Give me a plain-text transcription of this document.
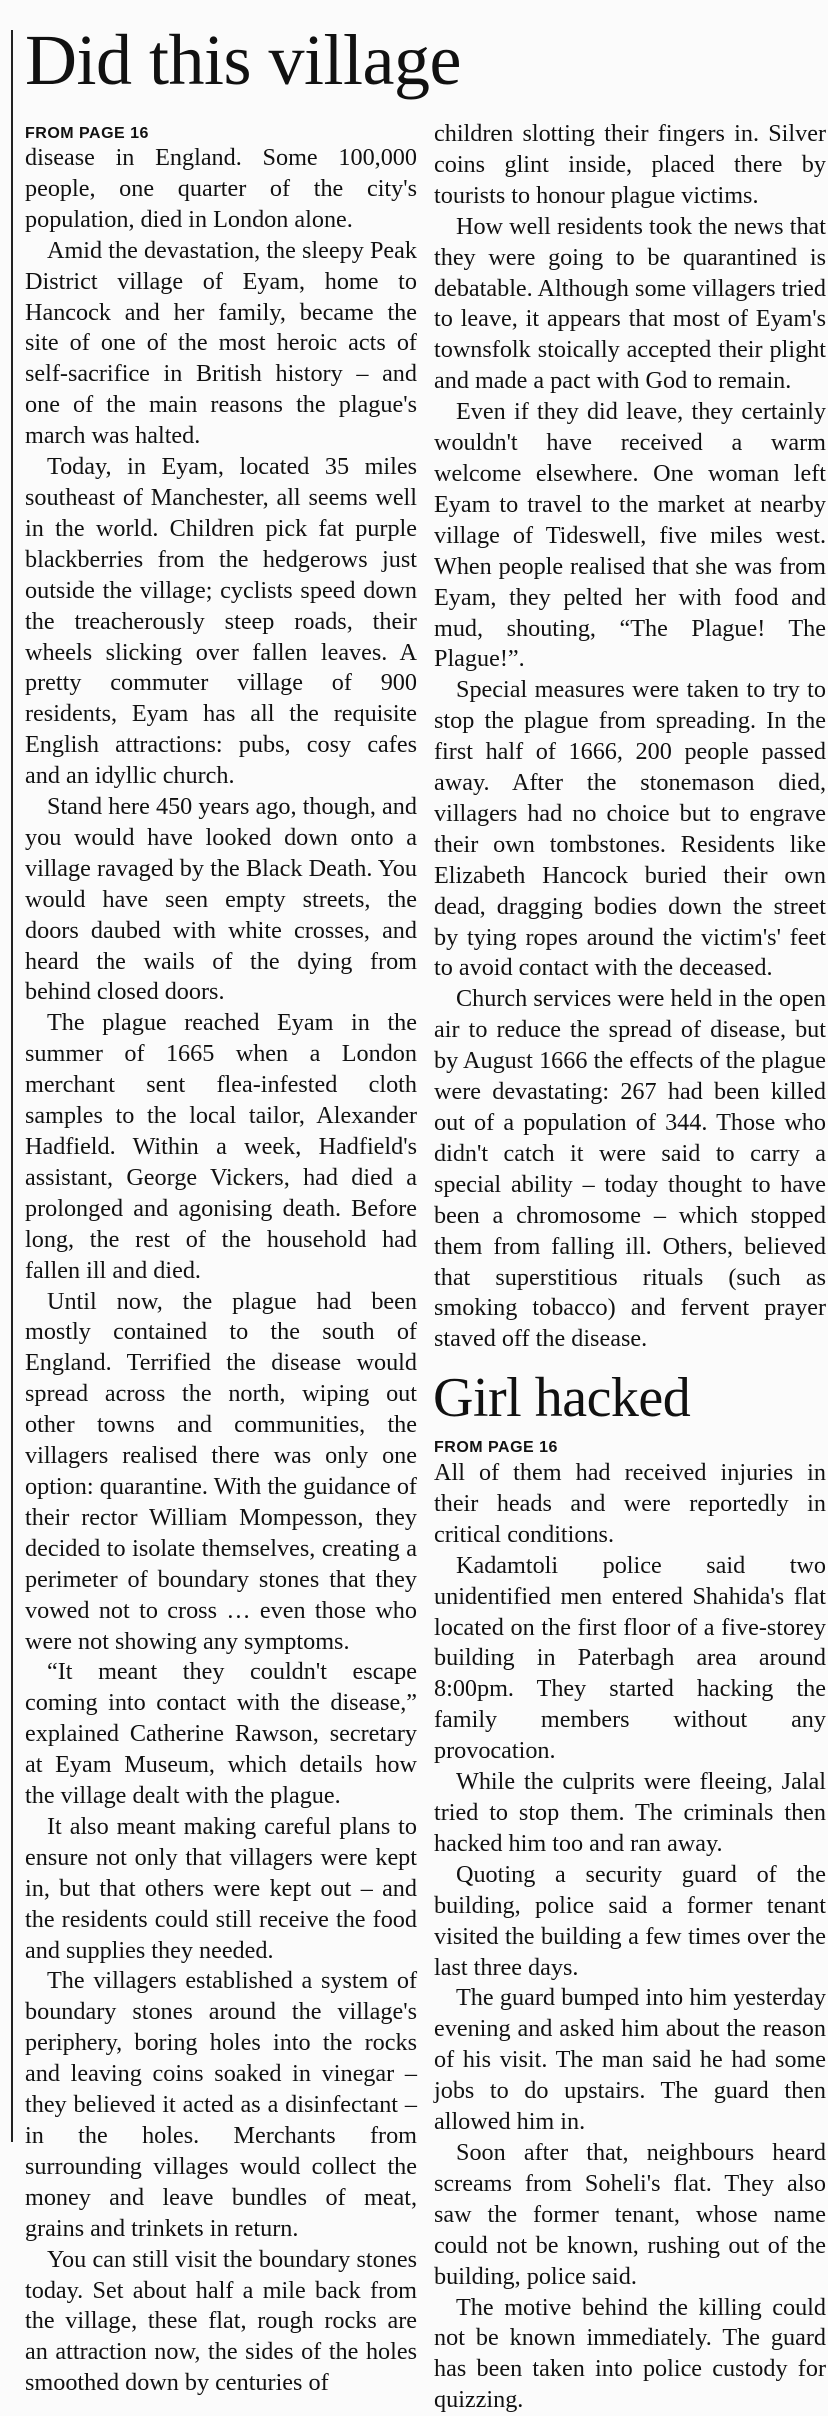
Did this village

FROM PAGE 16

disease in England. Some 100,000 people, one quarter of the city's population, died in London alone.

Amid the devastation, the sleepy Peak District village of Eyam, home to Hancock and her family, became the site of one of the most heroic acts of self-sacrifice in British history – and one of the main reasons the plague's march was halted.

Today, in Eyam, located 35 miles southeast of Manchester, all seems well in the world. Children pick fat purple blackberries from the hedgerows just outside the village; cyclists speed down the treacherously steep roads, their wheels slicking over fallen leaves. A pretty commuter village of 900 residents, Eyam has all the requisite English attractions: pubs, cosy cafes and an idyllic church.

Stand here 450 years ago, though, and you would have looked down onto a village ravaged by the Black Death. You would have seen empty streets, the doors daubed with white crosses, and heard the wails of the dying from behind closed doors.

The plague reached Eyam in the summer of 1665 when a London merchant sent flea-infested cloth samples to the local tailor, Alexander Hadfield. Within a week, Hadfield's assistant, George Vickers, had died a prolonged and agonising death. Before long, the rest of the household had fallen ill and died.

Until now, the plague had been mostly contained to the south of England. Terrified the disease would spread across the north, wiping out other towns and communities, the villagers realised there was only one option: quarantine. With the guidance of their rector William Mompesson, they decided to isolate themselves, creating a perimeter of boundary stones that they vowed not to cross … even those who were not showing any symptoms.

“It meant they couldn't escape coming into contact with the disease,” explained Catherine Rawson, secretary at Eyam Museum, which details how the village dealt with the plague.

It also meant making careful plans to ensure not only that villagers were kept in, but that others were kept out – and the residents could still receive the food and supplies they needed.

The villagers established a system of boundary stones around the village's periphery, boring holes into the rocks and leaving coins soaked in vinegar – they believed it acted as a disinfectant – in the holes. Merchants from surrounding villages would collect the money and leave bundles of meat, grains and trinkets in return.

You can still visit the boundary stones today. Set about half a mile back from the village, these flat, rough rocks are an attraction now, the sides of the holes smoothed down by centuries of

children slotting their fingers in. Silver coins glint inside, placed there by tourists to honour plague victims.

How well residents took the news that they were going to be quarantined is debatable. Although some villagers tried to leave, it appears that most of Eyam's townsfolk stoically accepted their plight and made a pact with God to remain.

Even if they did leave, they certainly wouldn't have received a warm welcome elsewhere. One woman left Eyam to travel to the market at nearby village of Tideswell, five miles west. When people realised that she was from Eyam, they pelted her with food and mud, shouting, “The Plague! The Plague!”.

Special measures were taken to try to stop the plague from spreading. In the first half of 1666, 200 people passed away. After the stonemason died, villagers had no choice but to engrave their own tombstones. Residents like Elizabeth Hancock buried their own dead, dragging bodies down the street by tying ropes around the victim's' feet to avoid contact with the deceased.

Church services were held in the open air to reduce the spread of disease, but by August 1666 the effects of the plague were devastating: 267 had been killed out of a population of 344. Those who didn't catch it were said to carry a special ability – today thought to have been a chromosome – which stopped them from falling ill. Others, believed that superstitious rituals (such as smoking tobacco) and fervent prayer staved off the disease.

Girl hacked

FROM PAGE 16

All of them had received injuries in their heads and were reportedly in critical conditions.

Kadamtoli police said two unidentified men entered Shahida's flat located on the first floor of a five-storey building in Paterbagh area around 8:00pm. They started hacking the family members without any provocation.

While the culprits were fleeing, Jalal tried to stop them. The criminals then hacked him too and ran away.

Quoting a security guard of the building, police said a former tenant visited the building a few times over the last three days.

The guard bumped into him yesterday evening and asked him about the reason of his visit. The man said he had some jobs to do upstairs. The guard then allowed him in.

Soon after that, neighbours heard screams from Soheli's flat. They also saw the former tenant, whose name could not be known, rushing out of the building, police said.

The motive behind the killing could not be known immediately. The guard has been taken into police custody for quizzing.
